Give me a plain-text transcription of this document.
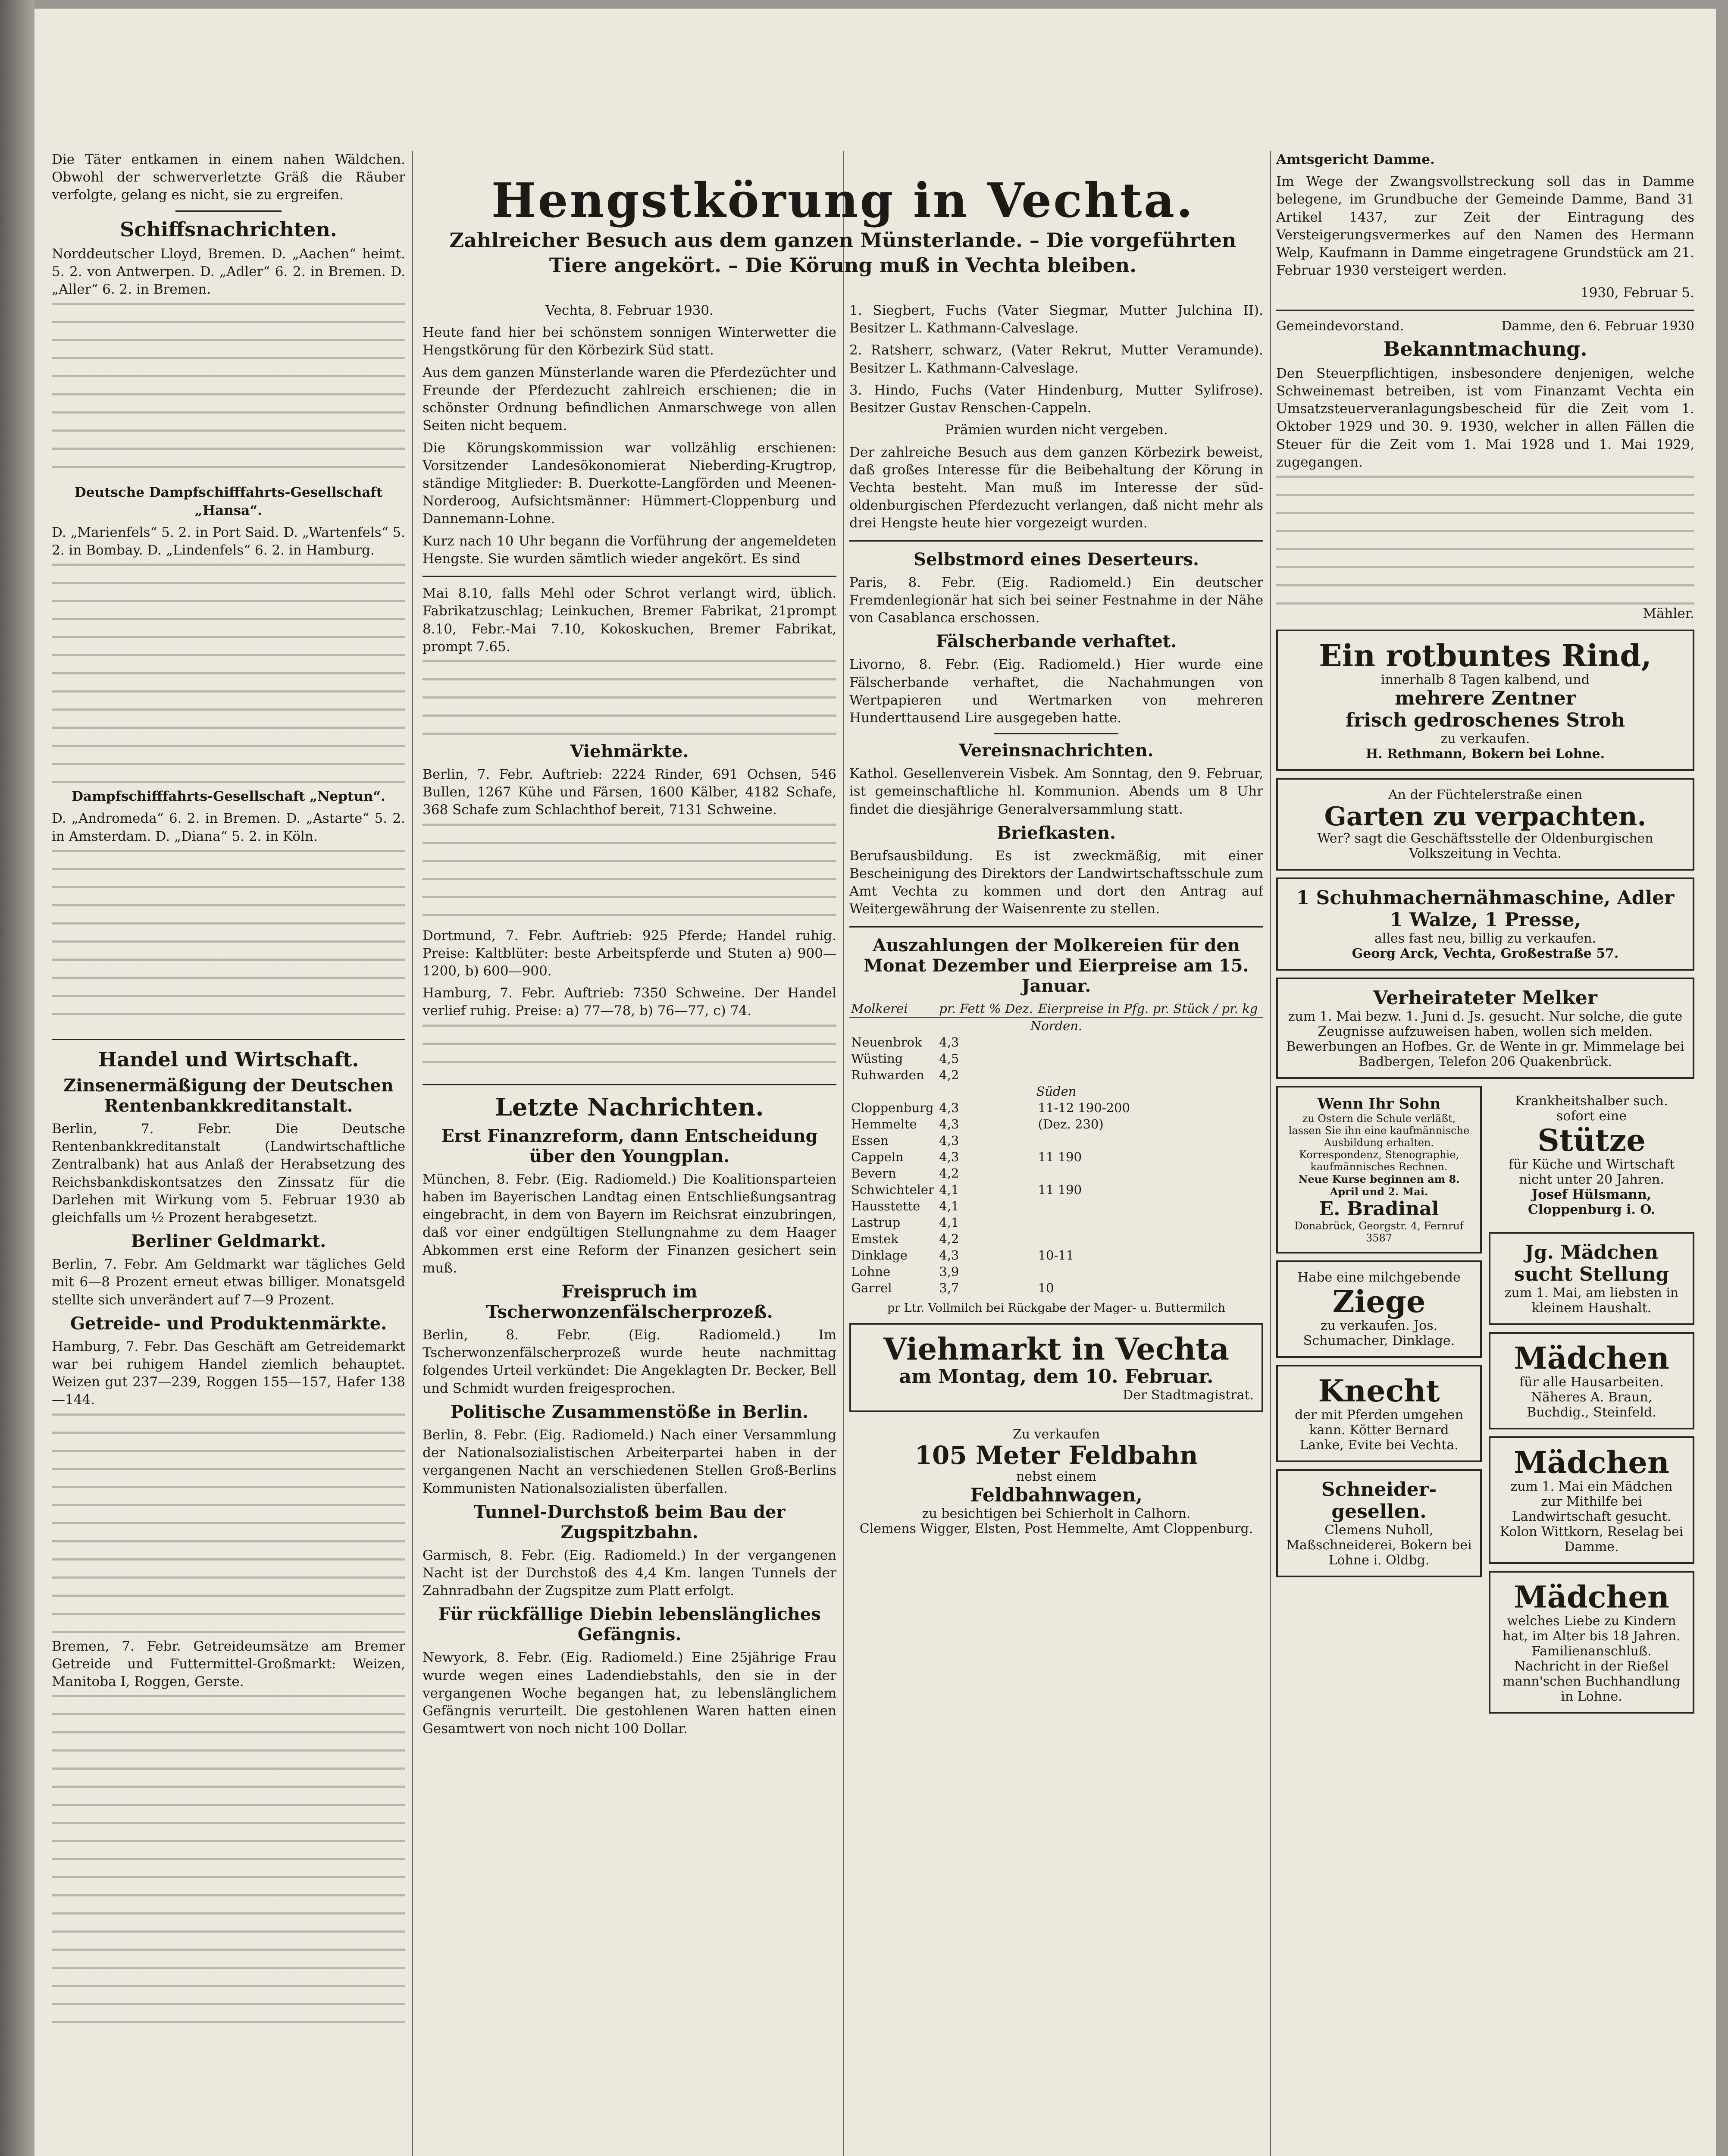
Die Täter entkamen in einem nahen Wäldchen. Obwohl der schwerverletzte Gräß die Räuber verfolgte, gelang es nicht, sie zu ergreifen.

Schiffsnachrichten.

Norddeutscher Lloyd, Bremen. D. „Aachen“ heimt. 5. 2. von Antwerpen. D. „Adler“ 6. 2. in Bremen. D. „Aller“ 6. 2. in Bremen.

Deutsche Dampfschifffahrts-Gesellschaft „Hansa“.

D. „Marienfels“ 5. 2. in Port Said. D. „Wartenfels“ 5. 2. in Bombay. D. „Lindenfels“ 6. 2. in Hamburg.

Dampfschifffahrts-Gesellschaft „Neptun“.

D. „Andromeda“ 6. 2. in Bremen. D. „Astarte“ 5. 2. in Amsterdam. D. „Diana“ 5. 2. in Köln.

Handel und Wirtschaft.
Zinsenermäßigung der Deutschen Rentenbankkreditanstalt.

Berlin, 7. Febr. Die Deutsche Rentenbankkreditanstalt (Landwirtschaftliche Zentralbank) hat aus Anlaß der Herabsetzung des Reichsbankdiskontsatzes den Zinssatz für die Darlehen mit Wirkung vom 5. Februar 1930 ab gleichfalls um ½ Prozent herabgesetzt.

Berliner Geldmarkt.

Berlin, 7. Febr. Am Geldmarkt war tägliches Geld mit 6—8 Prozent erneut etwas billiger. Monatsgeld stellte sich unverändert auf 7—9 Prozent.

Getreide- und Produktenmärkte.

Hamburg, 7. Febr. Das Geschäft am Getreidemarkt war bei ruhigem Handel ziemlich behauptet. Weizen gut 237—239, Roggen 155—157, Hafer 138—144.

Bremen, 7. Febr. Getreideumsätze am Bremer Getreide und Futtermittel-Großmarkt: Weizen, Manitoba I, Roggen, Gerste.

Hengstkörung in Vechta.
Zahlreicher Besuch aus dem ganzen Münsterlande. – Die vorgeführten Tiere angekört. – Die Körung muß in Vechta bleiben.

Vechta, 8. Februar 1930.

Heute fand hier bei schönstem sonnigen Winterwetter die Hengstkörung für den Körbezirk Süd statt.

Aus dem ganzen Münsterlande waren die Pferdezüchter und Freunde der Pferdezucht zahlreich erschienen; die in schönster Ordnung befindlichen Anmarschwege von allen Seiten nicht bequem.

Die Körungskommission war vollzählig erschienen: Vorsitzender Landesökonomierat Nieberding-Krugtrop, ständige Mitglieder: B. Duerkotte-Langförden und Meenen-Norderoog, Aufsichtsmänner: Hümmert-Cloppenburg und Dannemann-Lohne.

Kurz nach 10 Uhr begann die Vorführung der angemeldeten Hengste. Sie wurden sämtlich wieder angekört. Es sind

Mai 8.10, falls Mehl oder Schrot verlangt wird, üblich. Fabrikatzuschlag; Leinkuchen, Bremer Fabrikat, 21prompt 8.10, Febr.-Mai 7.10, Kokoskuchen, Bremer Fabrikat, prompt 7.65.

Viehmärkte.

Berlin, 7. Febr. Auftrieb: 2224 Rinder, 691 Ochsen, 546 Bullen, 1267 Kühe und Färsen, 1600 Kälber, 4182 Schafe, 368 Schafe zum Schlachthof bereit, 7131 Schweine.

Dortmund, 7. Febr. Auftrieb: 925 Pferde; Handel ruhig. Preise: Kaltblüter: beste Arbeitspferde und Stuten a) 900—1200, b) 600—900.

Hamburg, 7. Febr. Auftrieb: 7350 Schweine. Der Handel verlief ruhig. Preise: a) 77—78, b) 76—77, c) 74.

Letzte Nachrichten.
Erst Finanzreform, dann Entscheidung über den Youngplan.

München, 8. Febr. (Eig. Radiomeld.) Die Koalitionsparteien haben im Bayerischen Landtag einen Entschließungsantrag eingebracht, in dem von Bayern im Reichsrat einzubringen, daß vor einer endgültigen Stellungnahme zu dem Haager Abkommen erst eine Reform der Finanzen gesichert sein muß.

Freispruch im Tscherwonzenfälscherprozeß.

Berlin, 8. Febr. (Eig. Radiomeld.) Im Tscherwonzenfälscherprozeß wurde heute nachmittag folgendes Urteil verkündet: Die Angeklagten Dr. Becker, Bell und Schmidt wurden freigesprochen.

Politische Zusammenstöße in Berlin.

Berlin, 8. Febr. (Eig. Radiomeld.) Nach einer Versammlung der Nationalsozialistischen Arbeiterpartei haben in der vergangenen Nacht an verschiedenen Stellen Groß-Berlins Kommunisten Nationalsozialisten überfallen.

Tunnel-Durchstoß beim Bau der Zugspitzbahn.

Garmisch, 8. Febr. (Eig. Radiomeld.) In der vergangenen Nacht ist der Durchstoß des 4,4 Km. langen Tunnels der Zahnradbahn der Zugspitze zum Platt erfolgt.

Für rückfällige Diebin lebenslängliches Gefängnis.

Newyork, 8. Febr. (Eig. Radiomeld.) Eine 25jährige Frau wurde wegen eines Ladendiebstahls, den sie in der vergangenen Woche begangen hat, zu lebenslänglichem Gefängnis verurteilt. Die gestohlenen Waren hatten einen Gesamtwert von noch nicht 100 Dollar.

1. Siegbert, Fuchs (Vater Siegmar, Mutter Julchina II). Besitzer L. Kathmann-Calveslage.

2. Ratsherr, schwarz, (Vater Rekrut, Mutter Veramunde). Besitzer L. Kathmann-Calveslage.

3. Hindo, Fuchs (Vater Hindenburg, Mutter Sylifrose). Besitzer Gustav Renschen-Cappeln.

Prämien wurden nicht vergeben.

Der zahlreiche Besuch aus dem ganzen Körbezirk beweist, daß großes Interesse für die Beibehaltung der Körung in Vechta besteht. Man muß im Interesse der süd-oldenburgischen Pferdezucht verlangen, daß nicht mehr als drei Hengste heute hier vorgezeigt wurden.

Selbstmord eines Deserteurs.

Paris, 8. Febr. (Eig. Radiomeld.) Ein deutscher Fremdenlegionär hat sich bei seiner Festnahme in der Nähe von Casablanca erschossen.

Fälscherbande verhaftet.

Livorno, 8. Febr. (Eig. Radiomeld.) Hier wurde eine Fälscherbande verhaftet, die Nachahmungen von Wertpapieren und Wertmarken von mehreren Hunderttausend Lire ausgegeben hatte.

Vereinsnachrichten.

Kathol. Gesellenverein Visbek. Am Sonntag, den 9. Februar, ist gemeinschaftliche hl. Kommunion. Abends um 8 Uhr findet die diesjährige Generalversammlung statt.

Briefkasten.

Berufsausbildung. Es ist zweckmäßig, mit einer Bescheinigung des Direktors der Landwirtschaftsschule zum Amt Vechta zu kommen und dort den Antrag auf Weitergewährung der Waisenrente zu stellen.

Auszahlungen der Molkereien für den Monat Dezember und Eierpreise am 15. Januar.
Molkerei	pr. Fett % Dez.	Eierpreise in Pfg. pr. Stück / pr. kg
Norden.		
Neuenbrok	4,3	
Wüsting	4,5	
Ruhwarden	4,2	
Süden		
Cloppenburg	4,3	11-12 190-200
Hemmelte	4,3	(Dez. 230)
Essen	4,3	
Cappeln	4,3	11 190
Bevern	4,2	
Schwichteler	4,1	11 190
Hausstette	4,1	
Lastrup	4,1	
Emstek	4,2	
Dinklage	4,3	10-11
Lohne	3,9	
Garrel	3,7	10

pr Ltr. Vollmilch bei Rückgabe der Mager- u. Buttermilch

Viehmarkt in Vechta
am Montag, dem 10. Februar.
Der Stadtmagistrat.
Zu verkaufen
105 Meter Feldbahn
nebst einem
Feldbahnwagen,
zu besichtigen bei Schierholt in Calhorn.
Clemens Wigger, Elsten, Post Hemmelte, Amt Cloppenburg.

Amtsgericht Damme.

Im Wege der Zwangsvollstreckung soll das in Damme belegene, im Grundbuche der Gemeinde Damme, Band 31 Artikel 1437, zur Zeit der Eintragung des Versteigerungsvermerkes auf den Namen des Hermann Welp, Kaufmann in Damme eingetragene Grundstück am 21. Februar 1930 versteigert werden.

1930, Februar 5.

Gemeindevorstand.	Damme, den 6. Februar 1930
Bekanntmachung.

Den Steuerpflichtigen, insbesondere denjenigen, welche Schweinemast betreiben, ist vom Finanzamt Vechta ein Umsatzsteuerveranlagungsbescheid für die Zeit vom 1. Oktober 1929 und 30. 9. 1930, welcher in allen Fällen die Steuer für die Zeit vom 1. Mai 1928 und 1. Mai 1929, zugegangen.

Mähler.

Ein rotbuntes Rind,
innerhalb 8 Tagen kalbend, und
mehrere Zentner
frisch gedroschenes Stroh
zu verkaufen.
H. Rethmann, Bokern bei Lohne.
An der Füchtelerstraße einen
Garten zu verpachten.
Wer? sagt die Geschäftsstelle der Oldenburgischen Volkszeitung in Vechta.
1 Schuhmachernähmaschine, Adler
1 Walze, 1 Presse,
alles fast neu, billig zu verkaufen.
Georg Arck, Vechta, Großestraße 57.
Verheirateter Melker
zum 1. Mai bezw. 1. Juni d. Js. gesucht. Nur solche, die gute Zeugnisse aufzuweisen haben, wollen sich melden.
Bewerbungen an Hofbes. Gr. de Wente in gr. Mimmelage bei Badbergen, Telefon 206 Quakenbrück.
Wenn Ihr Sohn
zu Ostern die Schule verläßt, lassen Sie ihn eine kaufmännische Ausbildung erhalten. Korrespondenz, Stenographie, kaufmännisches Rechnen.
Neue Kurse beginnen am 8. April und 2. Mai.
E. Bradinal
Donabrück, Georgstr. 4, Fernruf 3587
Habe eine milchgebende
Ziege
zu verkaufen. Jos. Schumacher, Dinklage.
Knecht
der mit Pferden umgehen kann. Kötter Bernard Lanke, Evite bei Vechta.
Schneider-gesellen.
Clemens Nuholl, Maßschneiderei, Bokern bei Lohne i. Oldbg.
Krankheitshalber such. sofort eine
Stütze
für Küche und Wirtschaft nicht unter 20 Jahren.
Josef Hülsmann, Cloppenburg i. O.
Jg. Mädchen sucht Stellung
zum 1. Mai, am liebsten in kleinem Haushalt.
Mädchen
für alle Hausarbeiten. Näheres A. Braun, Buchdig., Steinfeld.
Mädchen
zum 1. Mai ein Mädchen zur Mithilfe bei Landwirtschaft gesucht. Kolon Wittkorn, Reselag bei Damme.
Mädchen
welches Liebe zu Kindern hat, im Alter bis 18 Jahren. Familienanschluß. Nachricht in der Rießel mann'schen Buchhandlung in Lohne.
